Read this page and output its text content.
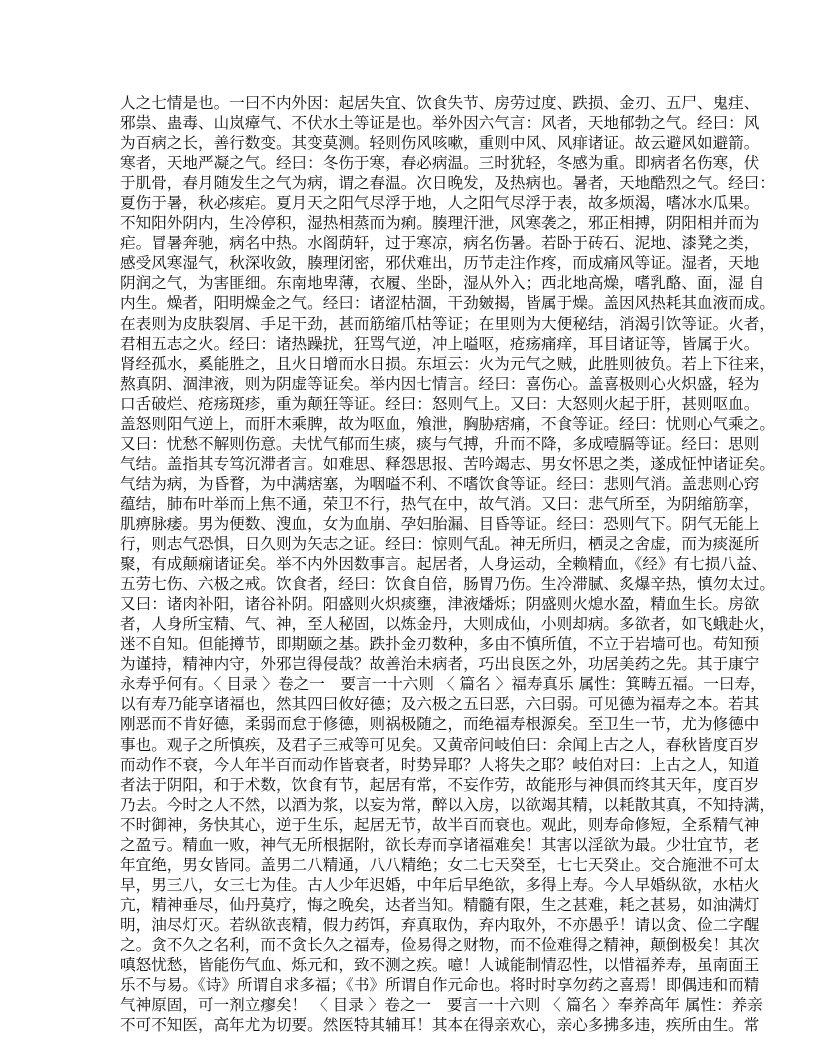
人之七情是也。一曰不内外因：起居失宜、饮食失节、房劳过度、跌损、金刃、五尸、鬼疰、
邪祟、蛊毒、山岚瘴气、不伏水土等证是也。举外因六气言：风者，天地郁勃之气。经曰：风
为百病之长，善行数变。其变莫测。轻则伤风咳嗽，重则中风、风痱诸证。故云避风如避箭。
寒者，天地严凝之气。经曰：冬伤于寒，春必病温。三时犹轻，冬感为重。即病者名伤寒，伏
于肌骨，春月随发生之气为病，谓之春温。次日晚发，及热病也。暑者，天地酷烈之气。经曰：
夏伤于暑，秋必痎疟。夏月天之阳气尽浮于地，人之阳气尽浮于表，故多烦渴，嗜冰水瓜果。
不知阳外阴内，生冷停积，湿热相蒸而为痢。腠理汗泄，风寒袭之，邪正相搏，阴阳相并而为
疟。冒暑奔驰，病名中热。水阁荫轩，过于寒凉，病名伤暑。若卧于砖石、泥地、漆凳之类，
感受风寒湿气，秋深收敛，腠理闭密，邪伏难出，历节走注作疼，而成痛风等证。湿者，天地
阴润之气，为害匪细。东南地卑薄，衣履、坐卧，湿从外入；西北地高燥，嗜乳酪、面，湿 自
内生。燥者，阳明燥金之气。经曰：诸涩枯涸，干劲皴揭，皆属于燥。盖因风热耗其血液而成。
在表则为皮肤裂屑、手足干劲，甚而筋缩爪枯等证；在里则为大便秘结，消渴引饮等证。火者，
君相五志之火。经曰：诸热躁扰，狂骂气逆，冲上嗌呕，疮疡痛痒，耳目诸证等，皆属于火。
肾经孤水，奚能胜之，且火日增而水日损。东垣云：火为元气之贼，此胜则彼负。若上下往来，
熬真阴、涸津液，则为阴虚等证矣。举内因七情言。经曰：喜伤心。盖喜极则心火炽盛，轻为
口舌破烂、疮疡斑疹，重为颠狂等证。经曰：怒则气上。又曰：大怒则火起于肝，甚则呕血。
盖怒则阳气逆上，而肝木乘脾，故为呕血，飧泄，胸胁痞痛，不食等证。经曰：忧则心气乘之。
又曰：忧愁不解则伤意。夫忧气郁而生痰，痰与气搏，升而不降，多成噎膈等证。经曰：思则
气结。盖指其专笃沉滞者言。如难思、释怨思报、苦吟竭志、男女怀思之类，遂成怔忡诸证矣。
气结为病，为昏瞀，为中满痞塞，为咽嗌不利、不嗜饮食等证。经曰：悲则气消。盖悲则心窍
蕴结，肺布叶举而上焦不通，荣卫不行，热气在中，故气消。又曰：悲气所至，为阴缩筋挛，
肌痹脉痿。男为便数、溲血，女为血崩、孕妇胎漏、目昏等证。经曰：恐则气下。阴气无能上
行，则志气恐惧，日久则为矢志之证。经曰：惊则气乱。神无所归，栖灵之舍虚，而为痰涎所
聚，有成颠痫诸证矣。举不内外因数事言。起居者，人身运动，全赖精血，《经》有七损八益、
五劳七伤、六极之戒。饮食者，经曰：饮食自倍，肠胃乃伤。生冷滞腻、炙爆辛热，慎勿太过。
又曰：诸肉补阳，诸谷补阴。阳盛则火炽痰壅，津液燔烁；阴盛则火熄水盈，精血生长。房欲
者，人身所宝精、气、神，至人秘固，以炼金丹，大则成仙，小则却病。多欲者，如飞蛾赴火，
迷不自知。但能撙节，即期颐之基。跌扑金刃数种，多由不慎所值，不立于岩墙可也。苟知预
为谨持，精神内守，外邪岂得侵哉？故善治未病者，巧出良医之外，功居美药之先。其于康宁
永寿乎何有。〈 目录 〉卷之一　要言一十六则 〈 篇名 〉福寿真乐 属性：箕畴五福。一曰寿，
以有寿乃能享诸福也，然其四曰攸好德；及六极之五曰恶，六曰弱。可见德为福寿之本。若其
刚恶而不肯好德，柔弱而怠于修德，则祸极随之，而绝福寿根源矣。至卫生一节，尤为修德中
事也。观子之所慎疾，及君子三戒等可见矣。又黄帝问岐伯曰：余闻上古之人，春秋皆度百岁
而动作不衰，今人年半百而动作皆衰者，时势异耶？人将失之耶？岐伯对曰：上古之人，知道
者法于阴阳，和于术数，饮食有节，起居有常，不妄作劳，故能形与神俱而终其天年，度百岁
乃去。今时之人不然，以酒为浆，以妄为常，醉以入房，以欲竭其精，以耗散其真，不知持满，
不时御神，务快其心，逆于生乐，起居无节，故半百而衰也。观此，则寿命修短，全系精气神
之盈亏。精血一败，神气无所根据附，欲长寿而享诸福难矣！其害以淫欲为最。少壮宜节，老
年宜绝，男女皆同。盖男二八精通，八八精绝；女二七天癸至，七七天癸止。交合施泄不可太
早，男三八，女三七为佳。古人少年迟婚，中年后早绝欲，多得上寿。今人早婚纵欲，水枯火
亢，精神垂尽，仙丹莫疗，悔之晚矣，达者当知。精髓有限，生之甚难，耗之甚易，如油满灯
明，油尽灯灭。若纵欲丧精，假力药饵，弃真取伪，弃内取外，不亦愚乎！请以贪、俭二字醒
之。贪不久之名利，而不贪长久之福寿，俭易得之财物，而不俭难得之精神，颠倒极矣！其次
嗔怒忧愁，皆能伤气血、烁元和，致不测之疾。噫！人诚能制情忍性，以惜福养寿，虽南面王
乐不与易。《诗》所谓自求多福；《书》所谓自作元命也。将时时享勿药之喜焉！即偶违和而精
气神原固，可一剂立瘳矣！ 〈 目录 〉卷之一　要言一十六则 〈 篇名 〉奉养高年 属性：养亲
不可不知医，高年尤为切要。然医特其辅耳！其本在得亲欢心，亲心多拂多违，疾所由生。常
